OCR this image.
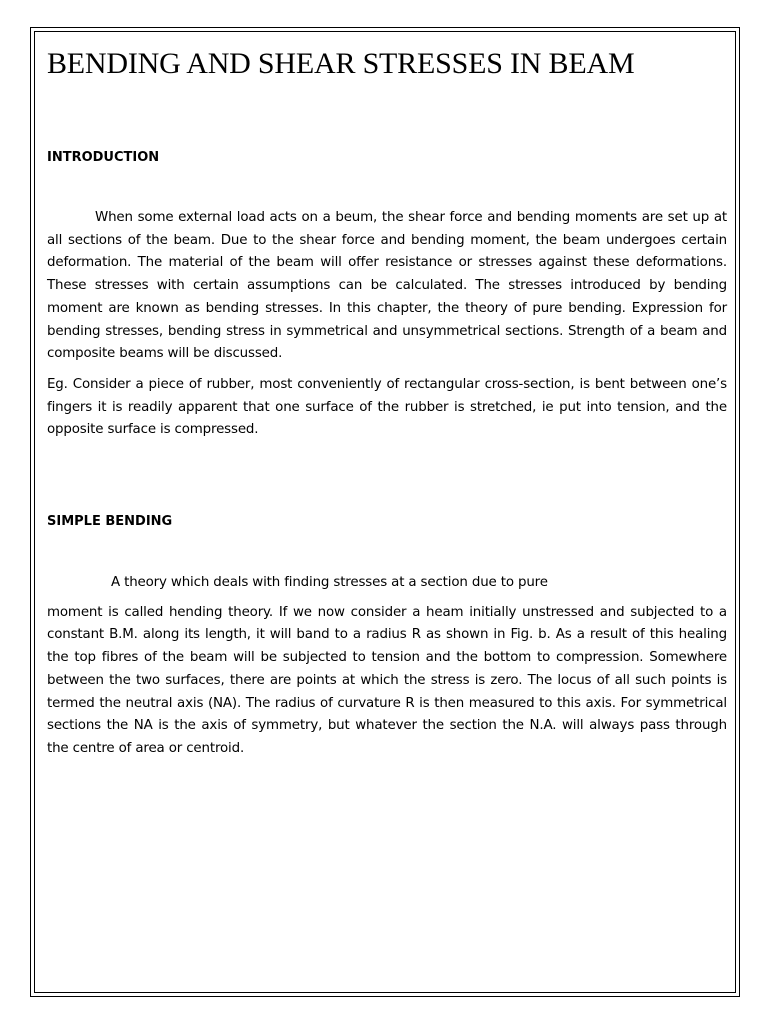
BENDING AND SHEAR STRESSES IN BEAM
INTRODUCTION

When some external load acts on a beum, the shear force and bending moments are set up at all sections of the beam. Due to the shear force and bending moment, the beam undergoes certain deformation. The material of the beam will offer resistance or stresses against these deformations. These stresses with certain assumptions can be calculated. The stresses introduced by bending moment are known as bending stresses. In this chapter, the theory of pure bending. Expression for bending stresses, bending stress in symmetrical and unsymmetrical sections. Strength of a beam and composite beams will be discussed.

Eg. Consider a piece of rubber, most conveniently of rectangular cross-section, is bent between one’s fingers it is readily apparent that one surface of the rubber is stretched, ie put into tension, and the opposite surface is compressed.

SIMPLE BENDING

A theory which deals with finding stresses at a section due to pure

moment is called hending theory. If we now consider a heam initially unstressed and subjected to a constant B.M. along its length, it will band to a radius R as shown in Fig. b. As a result of this healing the top fibres of the beam will be subjected to tension and the bottom to compression. Somewhere between the two surfaces, there are points at which the stress is zero. The locus of all such points is termed the neutral axis (NA). The radius of curvature R is then measured to this axis. For symmetrical sections the NA is the axis of symmetry, but whatever the section the N.A. will always pass through the centre of area or centroid.
